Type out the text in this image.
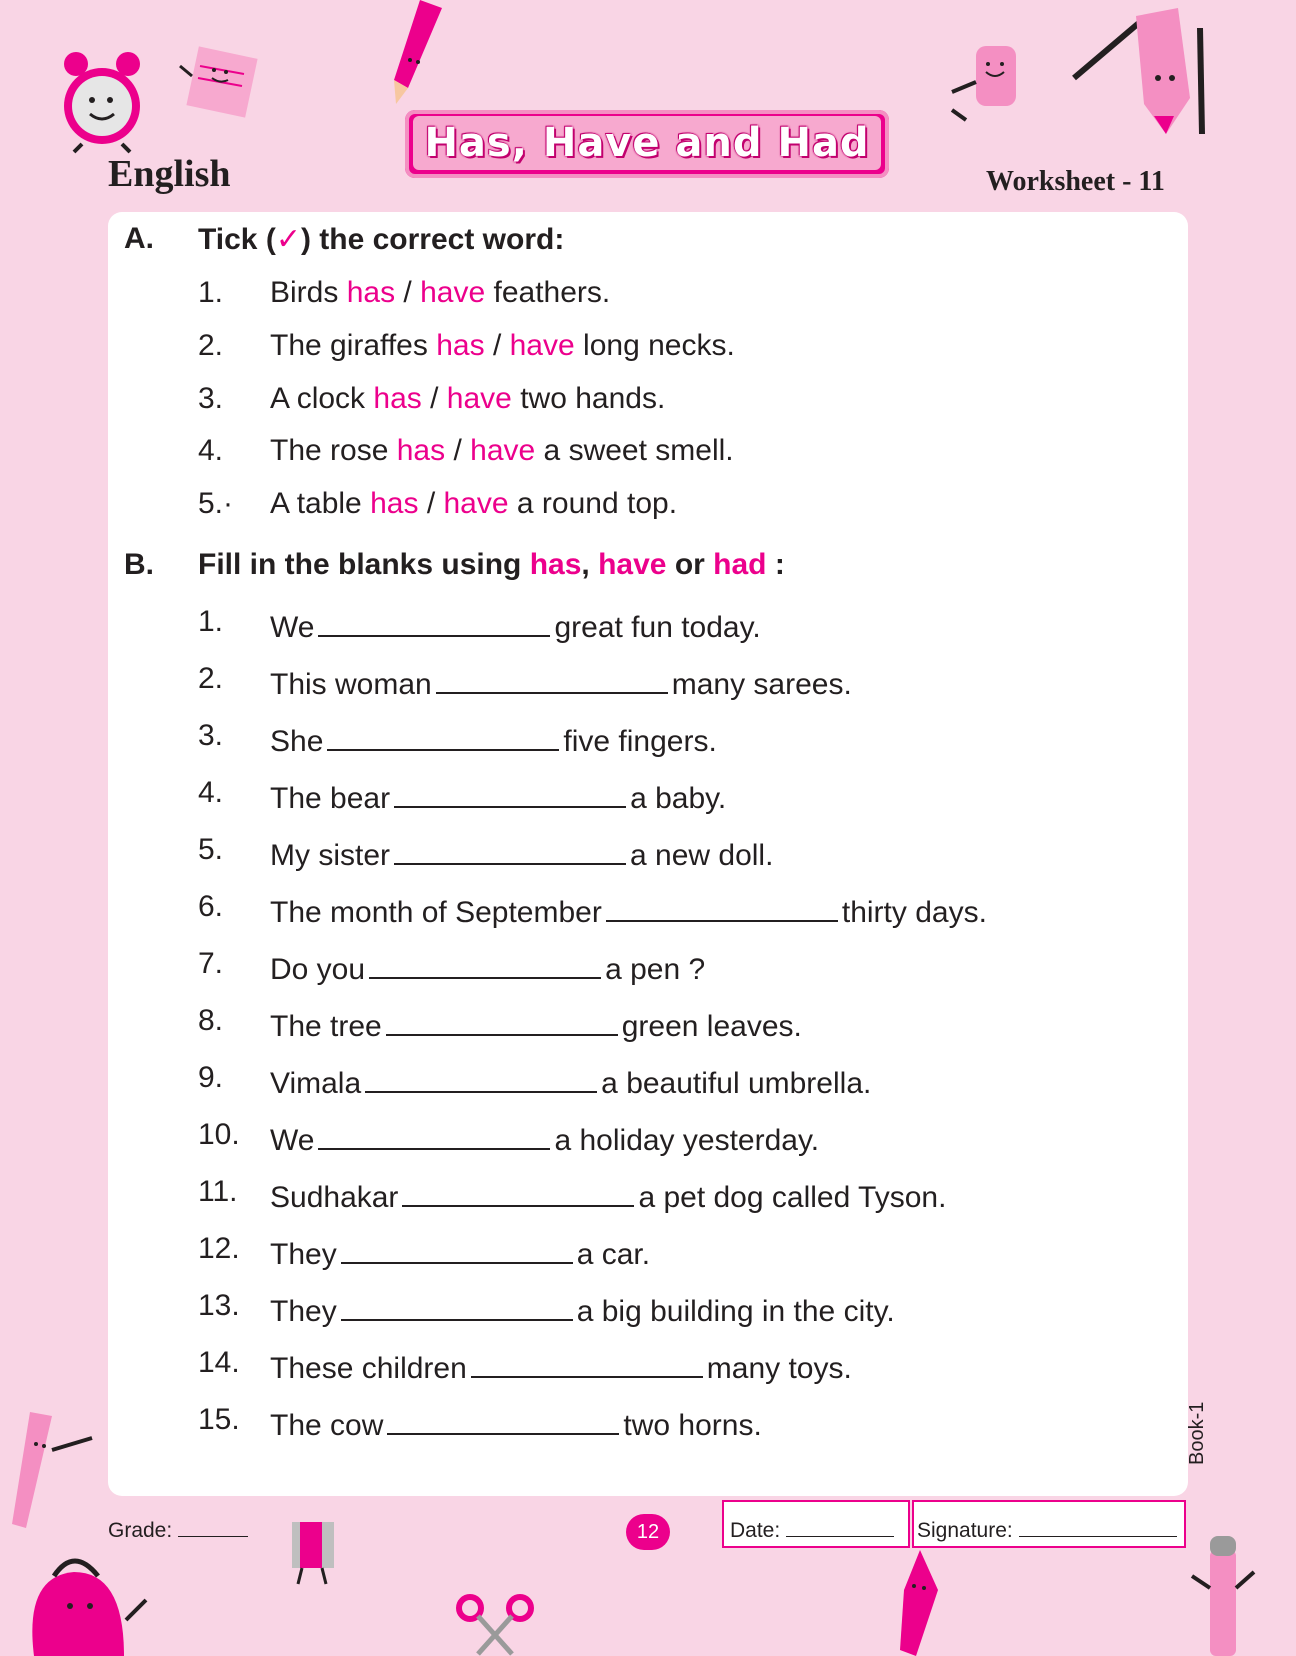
Has, Have and Had
English	Worksheet - 11
A. Tick (✓) the correct word:
1. Birds has / have feathers.
2. The giraffes has / have long necks.
3. A clock has / have two hands.
4. The rose has / have a sweet smell.
5.· A table has / have a round top.
B. Fill in the blanks using has, have or had :
1. We	great fun today.
2. This woman	many sarees.
3. She	five fingers.
4. The bear	a baby.
5. My sister	a new doll.
6. The month of September	thirty days.
7. Do you	a pen ?
8. The tree	green leaves.
9. Vimala	a beautiful umbrella.
10. We	a holiday yesterday.
11. Sudhakar	a pet dog called Tyson.
12. They	a car.
13. They	a big building in the city.
14. These children	many toys.
15. The cow	two horns.
Grade:	12	Date:	Signature:
Book-1
